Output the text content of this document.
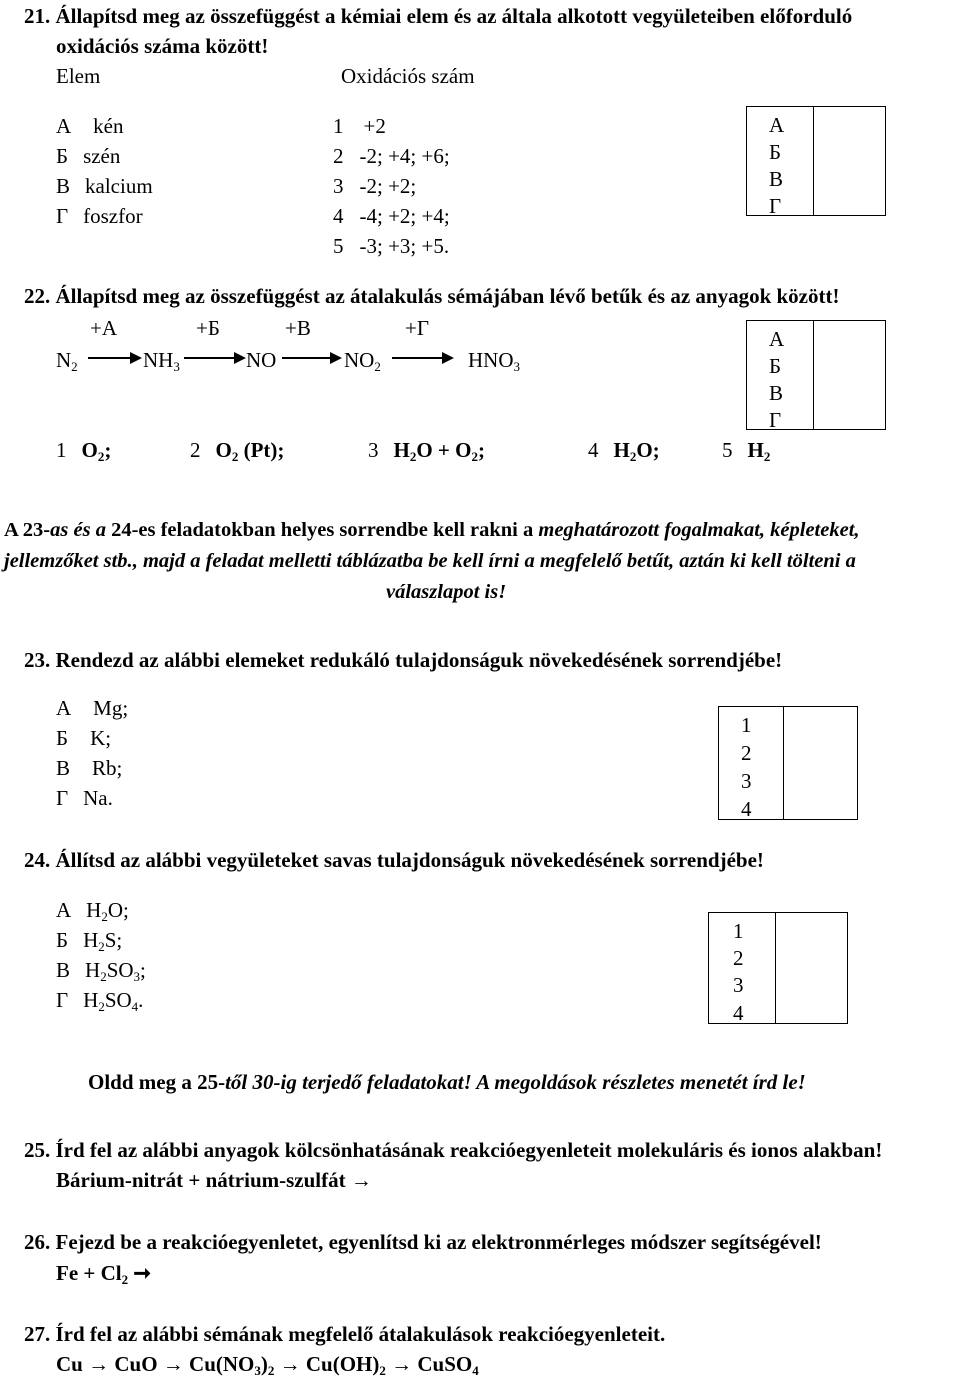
21. Állapítsd meg az összefüggést a kémiai elem és az általa alkotott vegyületeiben előforduló
oxidációs száma között!
Elem	Oxidációs szám
А kén
Б szén
В kalcium
Г foszfor
1 +2
2 -2; +4; +6;
3 -2; +2;
4 -4; +2; +4;
5 -3; +3; +5.
А
Б
В
Г
22. Állapítsd meg az összefüggést az átalakulás sémájában lévő betűk és az anyagok között!
+А	+Б	+В	+Г
$N_2$	$NH_3$	NO	$NO_2$	$HNO_3$
1 $O_2$;	2 $O_2$ (Pt);	3 $H_2O + O_2$;	4 $H_2O$;	5 $H_2$
А
Б
В
Г
A 23-as és a 24-es feladatokban helyes sorrendbe kell rakni a meghatározott fogalmakat, képleteket,
jellemzőket stb., majd a feladat melletti táblázatba be kell írni a megfelelő betűt, aztán ki kell tölteni a
válaszlapot is!
23. Rendezd az alábbi elemeket redukáló tulajdonságuk növekedésének sorrendjébe!
А Mg;
Б K;
В Rb;
Г Na.
1
2
3
4
24. Állítsd az alábbi vegyületeket savas tulajdonságuk növekedésének sorrendjébe!
А $H_2O$;
Б $H_2S$;
В $H_2SO_3$;
Г $H_2SO_4$.
1
2
3
4
Oldd meg a 25-től 30-ig terjedő feladatokat! A megoldások részletes menetét írd le!
25. Írd fel az alábbi anyagok kölcsönhatásának reakcióegyenleteit molekuláris és ionos alakban!
Bárium-nitrát + nátrium-szulfát →
26. Fejezd be a reakcióegyenletet, egyenlítsd ki az elektronmérleges módszer segítségével!
$Fe + Cl_2$ ➞
27. Írd fel az alábbi sémának megfelelő átalakulások reakcióegyenleteit.
Cu → CuO → $Cu(NO_3)_2 \to Cu(OH)_2$ → CuSO$_4$
